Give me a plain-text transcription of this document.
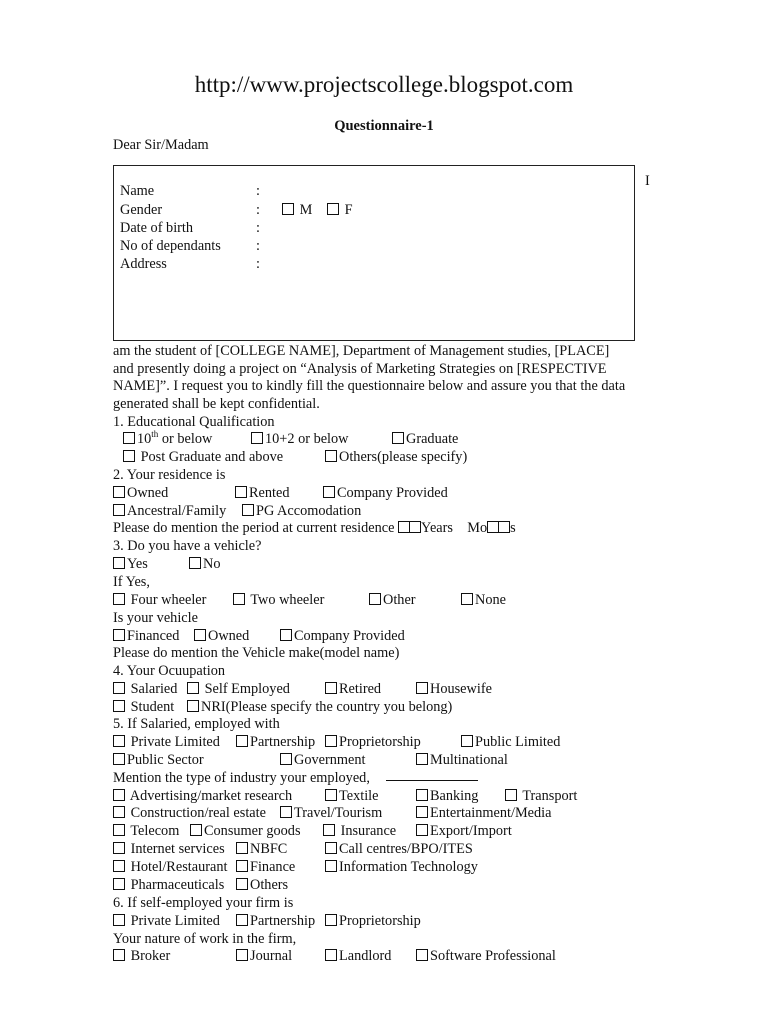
http://www.projectscollege.blogspot.com
Questionnaire-1
Dear Sir/Madam
Name	:
Gender	:	M	F
Date of birth	:
No of dependants :
Address	:
I
am the student of [COLLEGE NAME], Department of Management studies, [PLACE]
and presently doing a project on “Analysis of Marketing Strategies on [RESPECTIVE
NAME]”. I request you to kindly fill the questionnaire below and assure you that the data
generated shall be kept confidential.
1. Educational Qualification
10th or below	10+2 or below	Graduate
Post Graduate and above	Others(please specify)
2. Your residence is
Owned	Rented	Company Provided
Ancestral/Family	PG Accomodation
Please do mention the period at current residence Years Mo s
3. Do you have a vehicle?
Yes	No
If Yes,
Four wheeler	Two wheeler	Other	None
Is your vehicle
Financed	Owned	Company Provided
Please do mention the Vehicle make(model name)
4. Your Ocuupation
Salaried	Self Employed	Retired	Housewife
Student	NRI(Please specify the country you belong)
5. If Salaried, employed with
Private Limited	Partnership	Proprietorship	Public Limited
Public Sector	Government	Multinational
Mention the type of industry your employed,
Advertising/market research	Textile	Banking	Transport
Construction/real estate	Travel/Tourism	Entertainment/Media
Telecom	Consumer goods	Insurance	Export/Import
Internet services	NBFC	Call centres/BPO/ITES
Hotel/Restaurant	Finance	Information Technology
Pharmaceuticals	Others
6. If self-employed your firm is
Private Limited	Partnership	Proprietorship
Your nature of work in the firm,
Broker	Journal	Landlord	Software Professional
